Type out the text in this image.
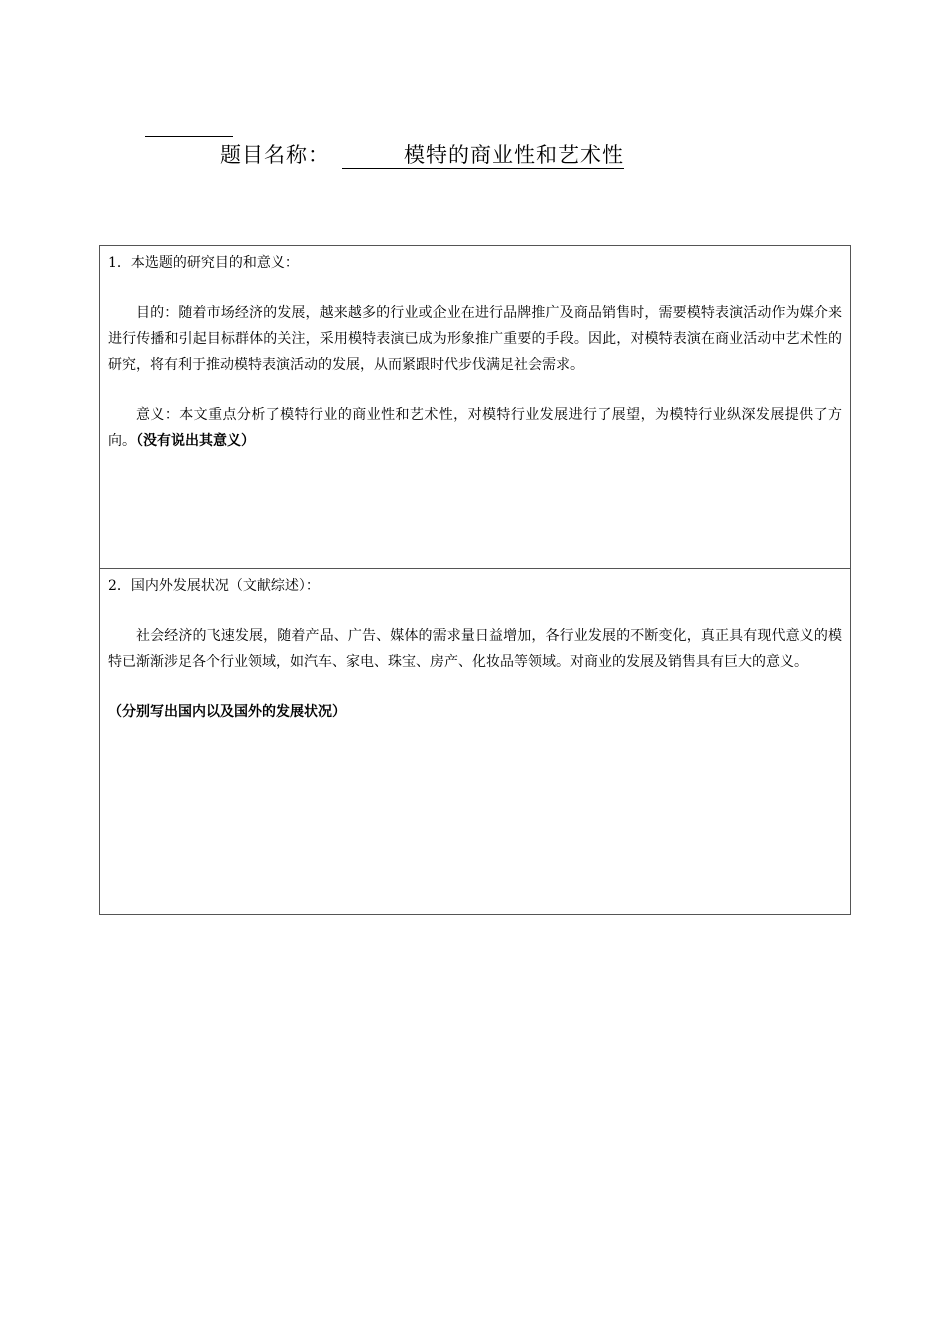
题目名称：	模特的商业性和艺术性

1．本选题的研究目的和意义：

目的：随着市场经济的发展，越来越多的行业或企业在进行品牌推广及商品销售时，需要模特表演活动作为媒介来进行传播和引起目标群体的关注，采用模特表演已成为形象推广重要的手段。因此，对模特表演在商业活动中艺术性的研究，将有利于推动模特表演活动的发展，从而紧跟时代步伐满足社会需求。

意义：本文重点分析了模特行业的商业性和艺术性，对模特行业发展进行了展望，为模特行业纵深发展提供了方向。（没有说出其意义）

2．国内外发展状况（文献综述）：

社会经济的飞速发展，随着产品、广告、媒体的需求量日益增加，各行业发展的不断变化，真正具有现代意义的模特已渐渐涉足各个行业领域，如汽车、家电、珠宝、房产、化妆品等领域。对商业的发展及销售具有巨大的意义。

（分别写出国内以及国外的发展状况）
